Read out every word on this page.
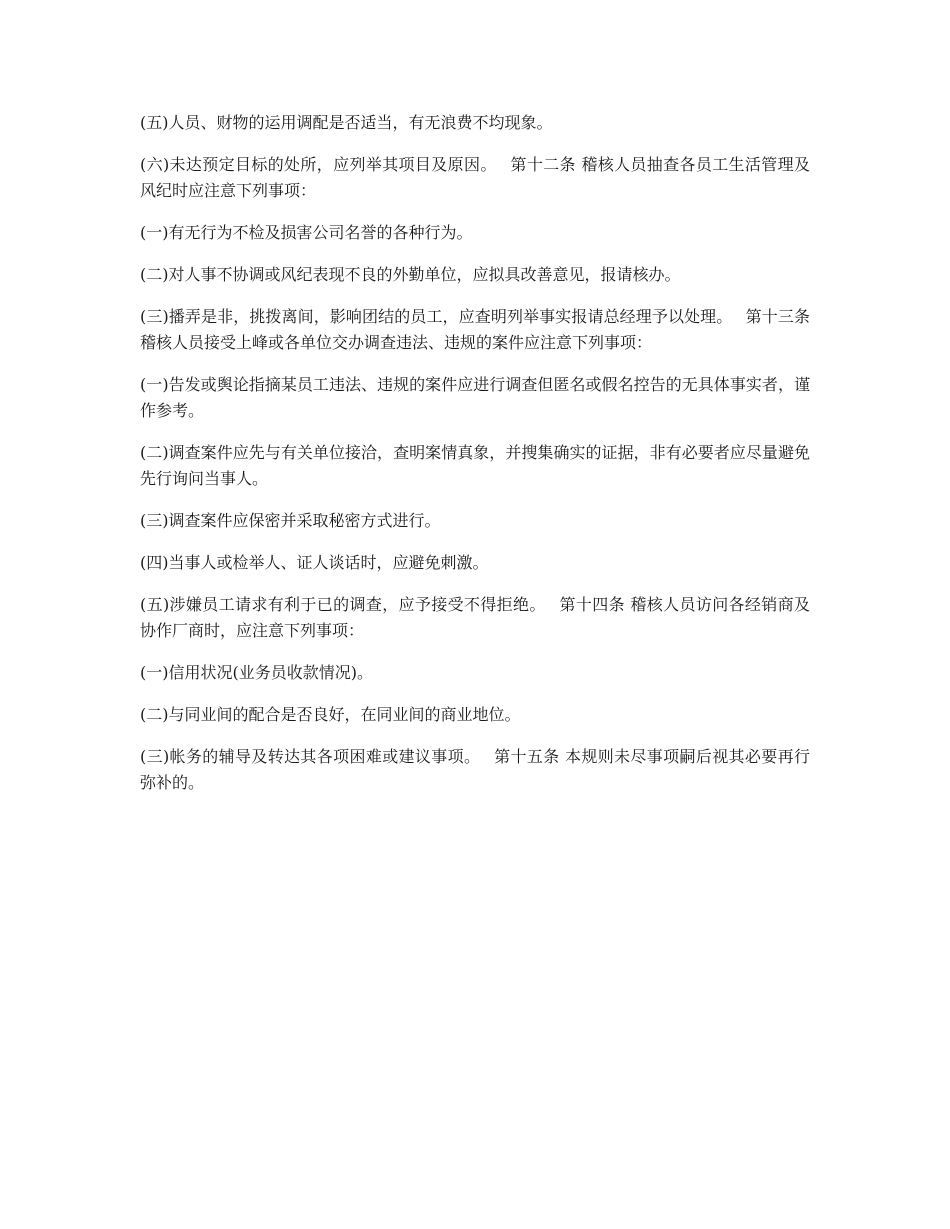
(五)人员、财物的运用调配是否适当，有无浪费不均现象。

(六)未达预定目标的处所，应列举其项目及原因。　 第十二条 稽核人员抽查各员工生活管理及风纪时应注意下列事项：

(一)有无行为不检及损害公司名誉的各种行为。

(二)对人事不协调或风纪表现不良的外勤单位，应拟具改善意见，报请核办。

(三)播弄是非，挑拨离间，影响团结的员工，应查明列举事实报请总经理予以处理。　 第十三条 稽核人员接受上峰或各单位交办调查违法、违规的案件应注意下列事项：

(一)告发或舆论指摘某员工违法、违规的案件应进行调查但匿名或假名控告的无具体事实者，谨作参考。

(二)调查案件应先与有关单位接洽，查明案情真象，并搜集确实的证据，非有必要者应尽量避免先行询问当事人。

(三)调查案件应保密并采取秘密方式进行。

(四)当事人或检举人、证人谈话时，应避免刺激。

(五)涉嫌员工请求有利于已的调查，应予接受不得拒绝。　 第十四条 稽核人员访问各经销商及协作厂商时，应注意下列事项：

(一)信用状况(业务员收款情况)。

(二)与同业间的配合是否良好，在同业间的商业地位。

(三)帐务的辅导及转达其各项困难或建议事项。　 第十五条 本规则未尽事项嗣后视其必要再行弥补的。
